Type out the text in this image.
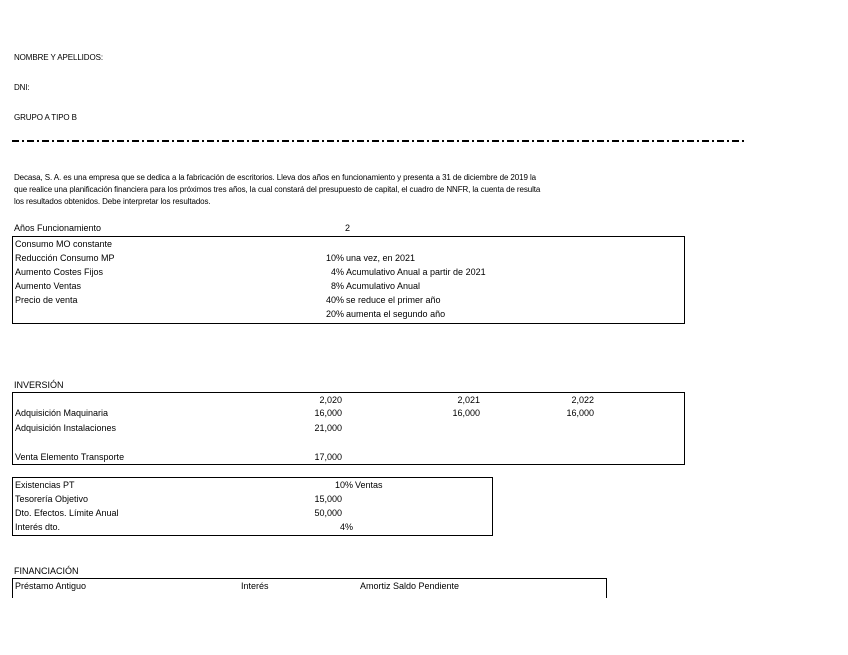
NOMBRE Y APELLIDOS:
DNI:
GRUPO A TIPO B
Decasa, S. A. es una empresa que se dedica a la fabricación de escritorios. Lleva dos años en funcionamiento y presenta a 31 de diciembre de 2019 la
que realice una planificación financiera para los próximos tres años, la cual constará del presupuesto de capital, el cuadro de NNFR, la cuenta de resulta
los resultados obtenidos. Debe interpretar los resultados.
Años Funcionamiento	2
Consumo MO constante
Reducción Consumo MP	10% una vez, en 2021
Aumento Costes Fijos	4% Acumulativo Anual a partir de 2021
Aumento Ventas	8% Acumulativo Anual
Precio de venta	40% se reduce el primer año
20% aumenta el segundo año
INVERSIÓN
2,020	2,021	2,022
Adquisición Maquinaria	16,000	16,000	16,000
Adquisición Instalaciones	21,000
Venta Elemento Transporte	17,000
Existencias PT	10% Ventas
Tesorería Objetivo	15,000
Dto. Efectos. Límite Anual	50,000
Interés dto.	4%
FINANCIACIÓN
Préstamo Antiguo	Interés	Amortiz Saldo Pendiente
